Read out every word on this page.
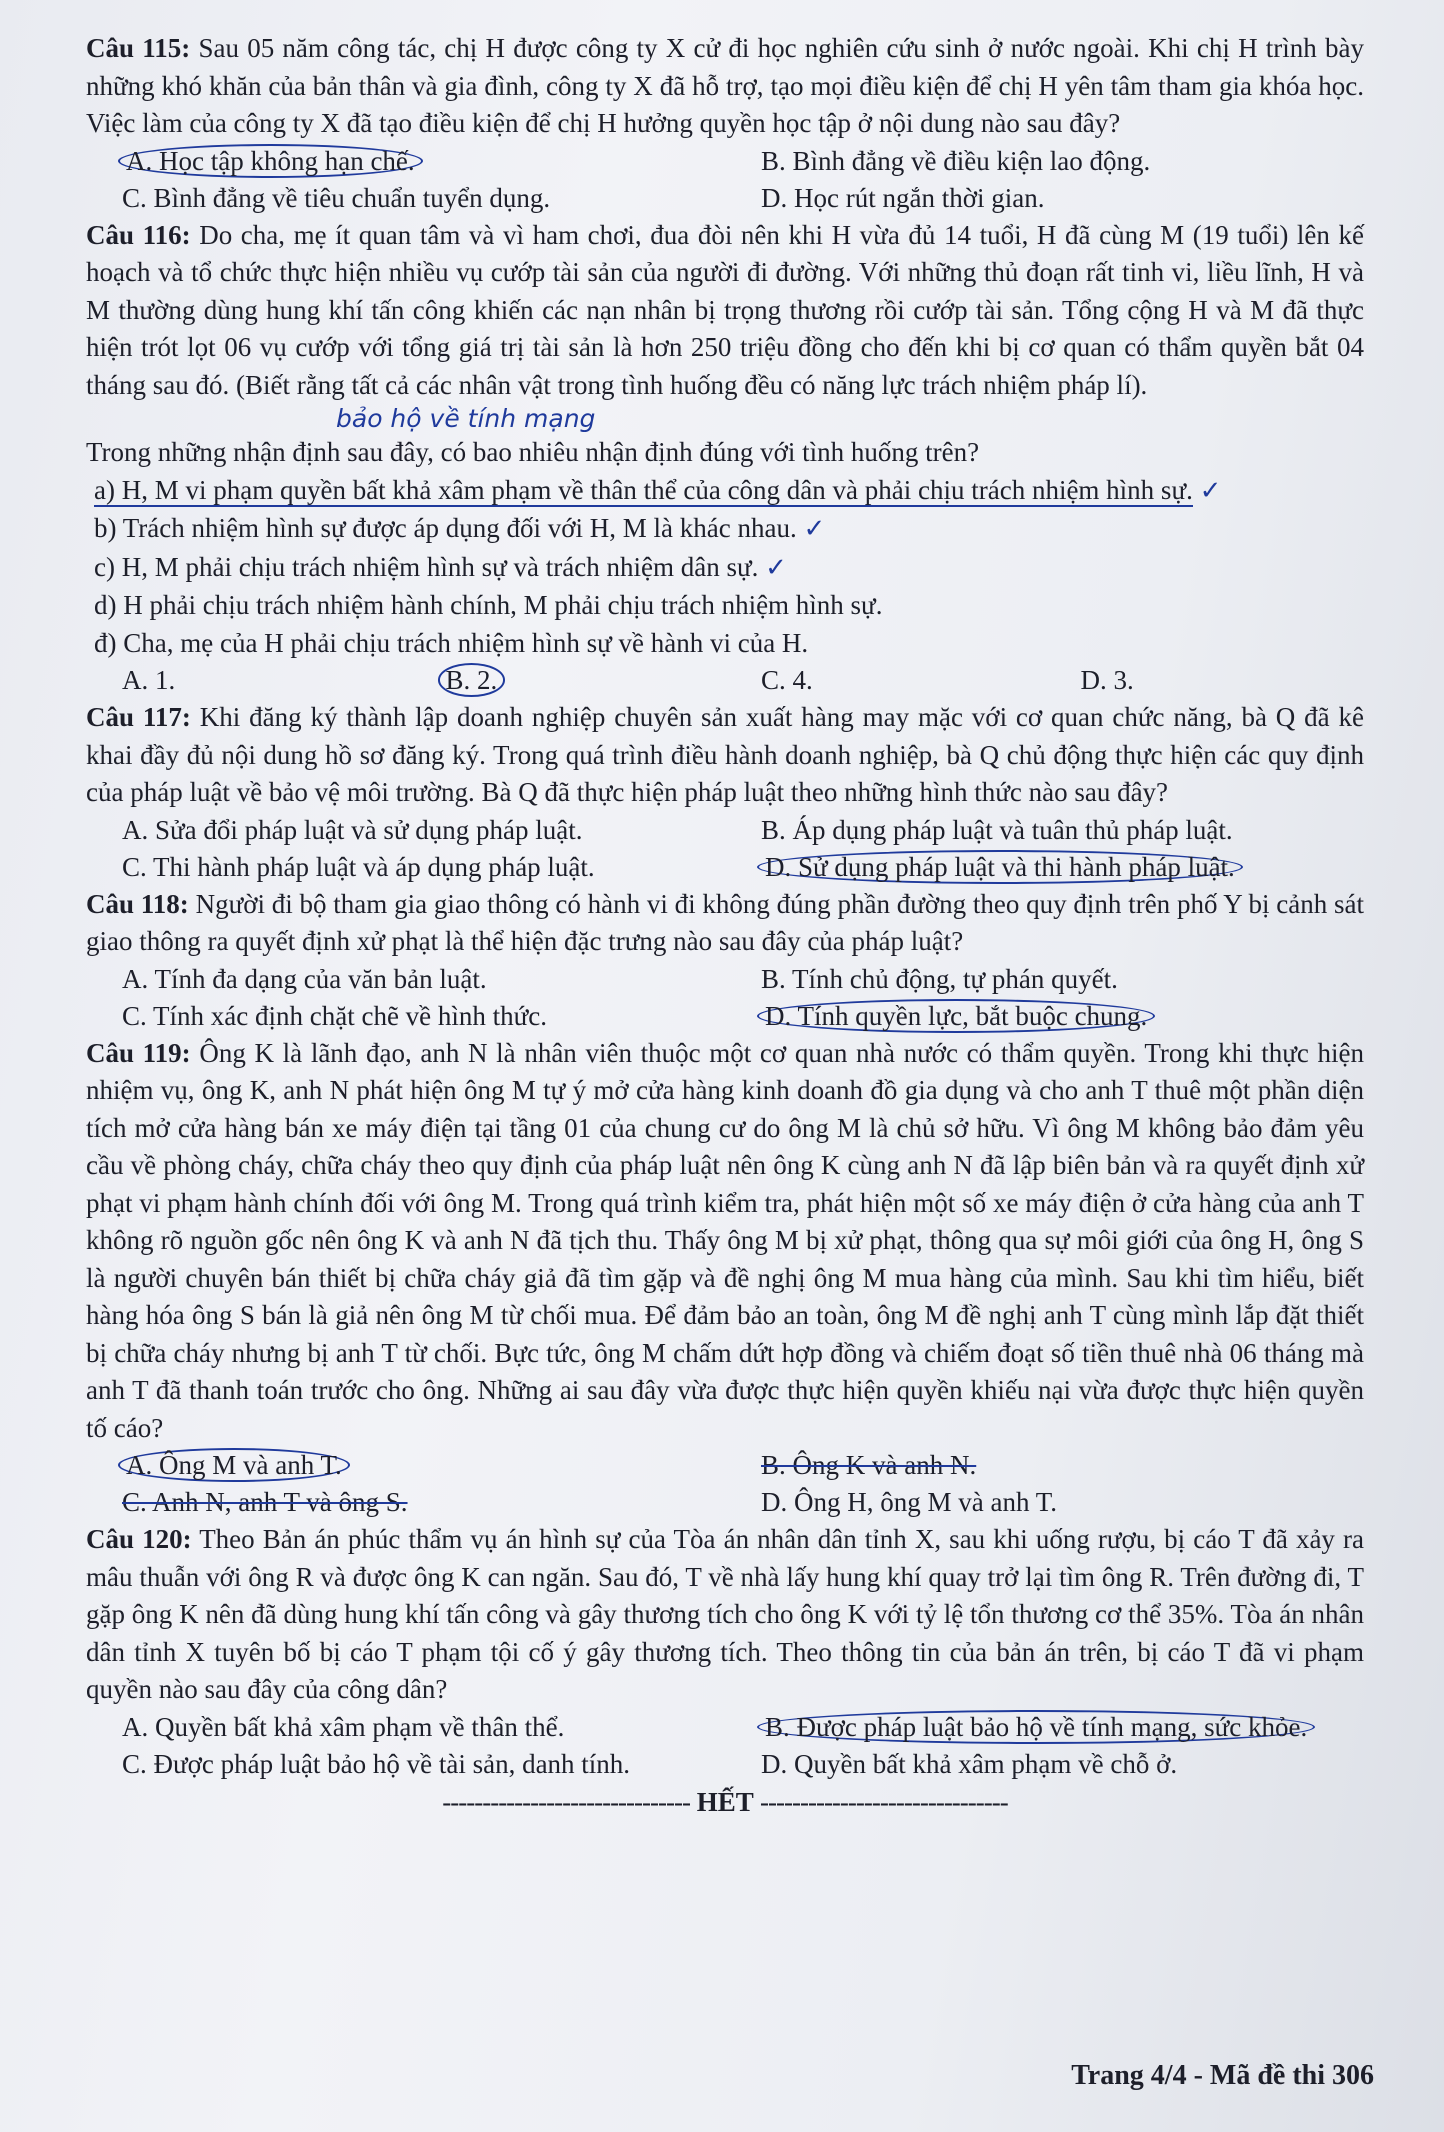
Câu 115: Sau 05 năm công tác, chị H được công ty X cử đi học nghiên cứu sinh ở nước ngoài. Khi chị H trình bày những khó khăn của bản thân và gia đình, công ty X đã hỗ trợ, tạo mọi điều kiện để chị H yên tâm tham gia khóa học. Việc làm của công ty X đã tạo điều kiện để chị H hưởng quyền học tập ở nội dung nào sau đây?

A. Học tập không hạn chế.	B. Bình đẳng về điều kiện lao động.
C. Bình đẳng về tiêu chuẩn tuyển dụng.	D. Học rút ngắn thời gian.

Câu 116: Do cha, mẹ ít quan tâm và vì ham chơi, đua đòi nên khi H vừa đủ 14 tuổi, H đã cùng M (19 tuổi) lên kế hoạch và tổ chức thực hiện nhiều vụ cướp tài sản của người đi đường. Với những thủ đoạn rất tinh vi, liều lĩnh, H và M thường dùng hung khí tấn công khiến các nạn nhân bị trọng thương rồi cướp tài sản. Tổng cộng H và M đã thực hiện trót lọt 06 vụ cướp với tổng giá trị tài sản là hơn 250 triệu đồng cho đến khi bị cơ quan có thẩm quyền bắt 04 tháng sau đó. (Biết rằng tất cả các nhân vật trong tình huống đều có năng lực trách nhiệm pháp lí).

bảo hộ về tính mạng

Trong những nhận định sau đây, có bao nhiêu nhận định đúng với tình huống trên?

a) H, M vi phạm quyền bất khả xâm phạm về thân thể của công dân và phải chịu trách nhiệm hình sự. ✓
b) Trách nhiệm hình sự được áp dụng đối với H, M là khác nhau. ✓
c) H, M phải chịu trách nhiệm hình sự và trách nhiệm dân sự. ✓
d) H phải chịu trách nhiệm hành chính, M phải chịu trách nhiệm hình sự.
đ) Cha, mẹ của H phải chịu trách nhiệm hình sự về hành vi của H.
A. 1.	B. 2.	C. 4.	D. 3.

Câu 117: Khi đăng ký thành lập doanh nghiệp chuyên sản xuất hàng may mặc với cơ quan chức năng, bà Q đã kê khai đầy đủ nội dung hồ sơ đăng ký. Trong quá trình điều hành doanh nghiệp, bà Q chủ động thực hiện các quy định của pháp luật về bảo vệ môi trường. Bà Q đã thực hiện pháp luật theo những hình thức nào sau đây?

A. Sửa đổi pháp luật và sử dụng pháp luật.	B. Áp dụng pháp luật và tuân thủ pháp luật.
C. Thi hành pháp luật và áp dụng pháp luật.	D. Sử dụng pháp luật và thi hành pháp luật.

Câu 118: Người đi bộ tham gia giao thông có hành vi đi không đúng phần đường theo quy định trên phố Y bị cảnh sát giao thông ra quyết định xử phạt là thể hiện đặc trưng nào sau đây của pháp luật?

A. Tính đa dạng của văn bản luật.	B. Tính chủ động, tự phán quyết.
C. Tính xác định chặt chẽ về hình thức.	D. Tính quyền lực, bắt buộc chung.

Câu 119: Ông K là lãnh đạo, anh N là nhân viên thuộc một cơ quan nhà nước có thẩm quyền. Trong khi thực hiện nhiệm vụ, ông K, anh N phát hiện ông M tự ý mở cửa hàng kinh doanh đồ gia dụng và cho anh T thuê một phần diện tích mở cửa hàng bán xe máy điện tại tầng 01 của chung cư do ông M là chủ sở hữu. Vì ông M không bảo đảm yêu cầu về phòng cháy, chữa cháy theo quy định của pháp luật nên ông K cùng anh N đã lập biên bản và ra quyết định xử phạt vi phạm hành chính đối với ông M. Trong quá trình kiểm tra, phát hiện một số xe máy điện ở cửa hàng của anh T không rõ nguồn gốc nên ông K và anh N đã tịch thu. Thấy ông M bị xử phạt, thông qua sự môi giới của ông H, ông S là người chuyên bán thiết bị chữa cháy giả đã tìm gặp và đề nghị ông M mua hàng của mình. Sau khi tìm hiểu, biết hàng hóa ông S bán là giả nên ông M từ chối mua. Để đảm bảo an toàn, ông M đề nghị anh T cùng mình lắp đặt thiết bị chữa cháy nhưng bị anh T từ chối. Bực tức, ông M chấm dứt hợp đồng và chiếm đoạt số tiền thuê nhà 06 tháng mà anh T đã thanh toán trước cho ông. Những ai sau đây vừa được thực hiện quyền khiếu nại vừa được thực hiện quyền tố cáo?

A. Ông M và anh T.	B. Ông K và anh N.
C. Anh N, anh T và ông S.	D. Ông H, ông M và anh T.

Câu 120: Theo Bản án phúc thẩm vụ án hình sự của Tòa án nhân dân tỉnh X, sau khi uống rượu, bị cáo T đã xảy ra mâu thuẫn với ông R và được ông K can ngăn. Sau đó, T về nhà lấy hung khí quay trở lại tìm ông R. Trên đường đi, T gặp ông K nên đã dùng hung khí tấn công và gây thương tích cho ông K với tỷ lệ tổn thương cơ thể 35%. Tòa án nhân dân tỉnh X tuyên bố bị cáo T phạm tội cố ý gây thương tích. Theo thông tin của bản án trên, bị cáo T đã vi phạm quyền nào sau đây của công dân?

A. Quyền bất khả xâm phạm về thân thể.	B. Được pháp luật bảo hộ về tính mạng, sức khỏe.
C. Được pháp luật bảo hộ về tài sản, danh tính.	D. Quyền bất khả xâm phạm về chỗ ở.
------------------------------- HẾT -------------------------------
Trang 4/4 - Mã đề thi 306
